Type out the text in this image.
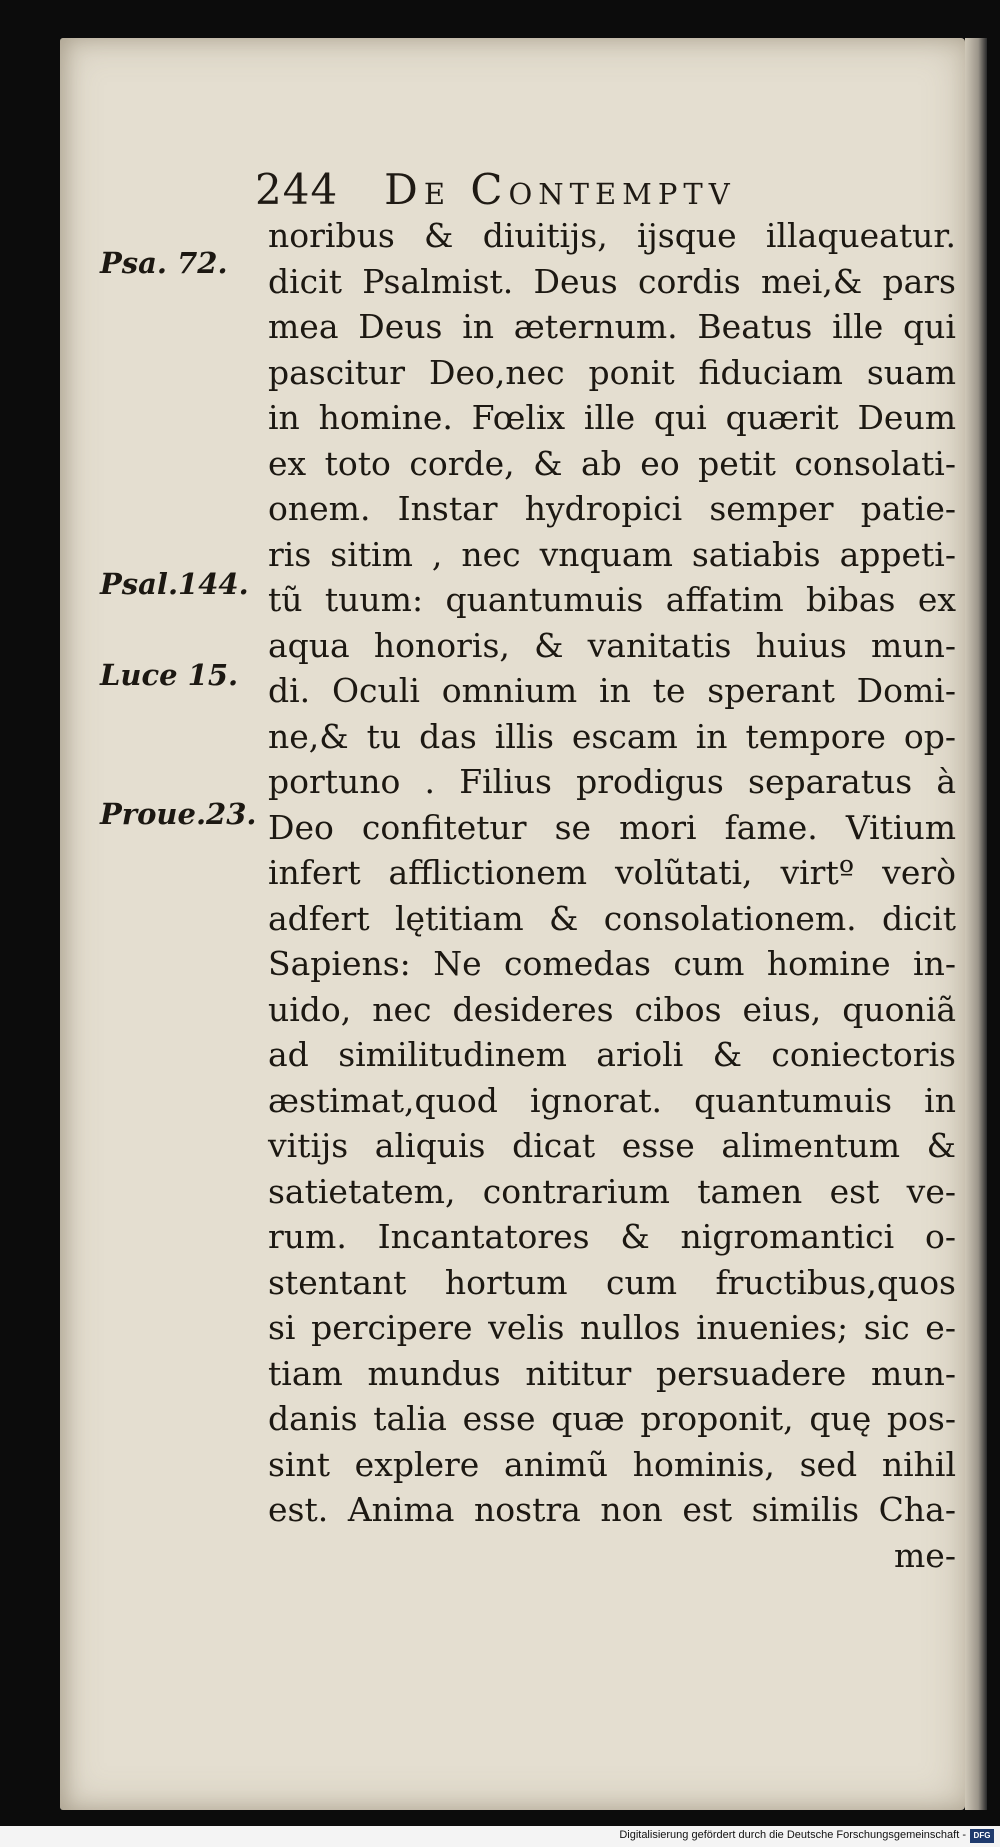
244 De Contemptv
Psa. 72.
Psal.144.
Luce 15.
Proue.23.
noribus & diuitijs, ijsque illaqueatur.
dicit Psalmist. Deus cordis mei,& pars
mea Deus in æternum. Beatus ille qui
pascitur Deo,nec ponit fiduciam suam
in homine. Fœlix ille qui quærit Deum
ex toto corde, & ab eo petit consolati-
onem. Instar hydropici semper patie-
ris sitim , nec vnquam satiabis appeti-
tũ tuum: quantumuis affatim bibas ex
aqua honoris, & vanitatis huius mun-
di. Oculi omnium in te sperant Domi-
ne,& tu das illis escam in tempore op-
portuno . Filius prodigus separatus à
Deo confitetur se mori fame. Vitium
infert afflictionem volũtati, virtº verò
adfert lętitiam & consolationem. dicit
Sapiens: Ne comedas cum homine in-
uido, nec desideres cibos eius, quoniã
ad similitudinem arioli & coniectoris
æstimat,quod ignorat. quantumuis in
vitijs aliquis dicat esse alimentum &
satietatem, contrarium tamen est ve-
rum. Incantatores & nigromantici o-
stentant hortum cum fructibus,quos
si percipere velis nullos inuenies; sic e-
tiam mundus nititur persuadere mun-
danis talia esse quæ proponit, quę pos-
sint explere animũ hominis, sed nihil
est. Anima nostra non est similis Cha-
me-
Digitalisierung gefördert durch die Deutsche Forschungsgemeinschaft - DFG
